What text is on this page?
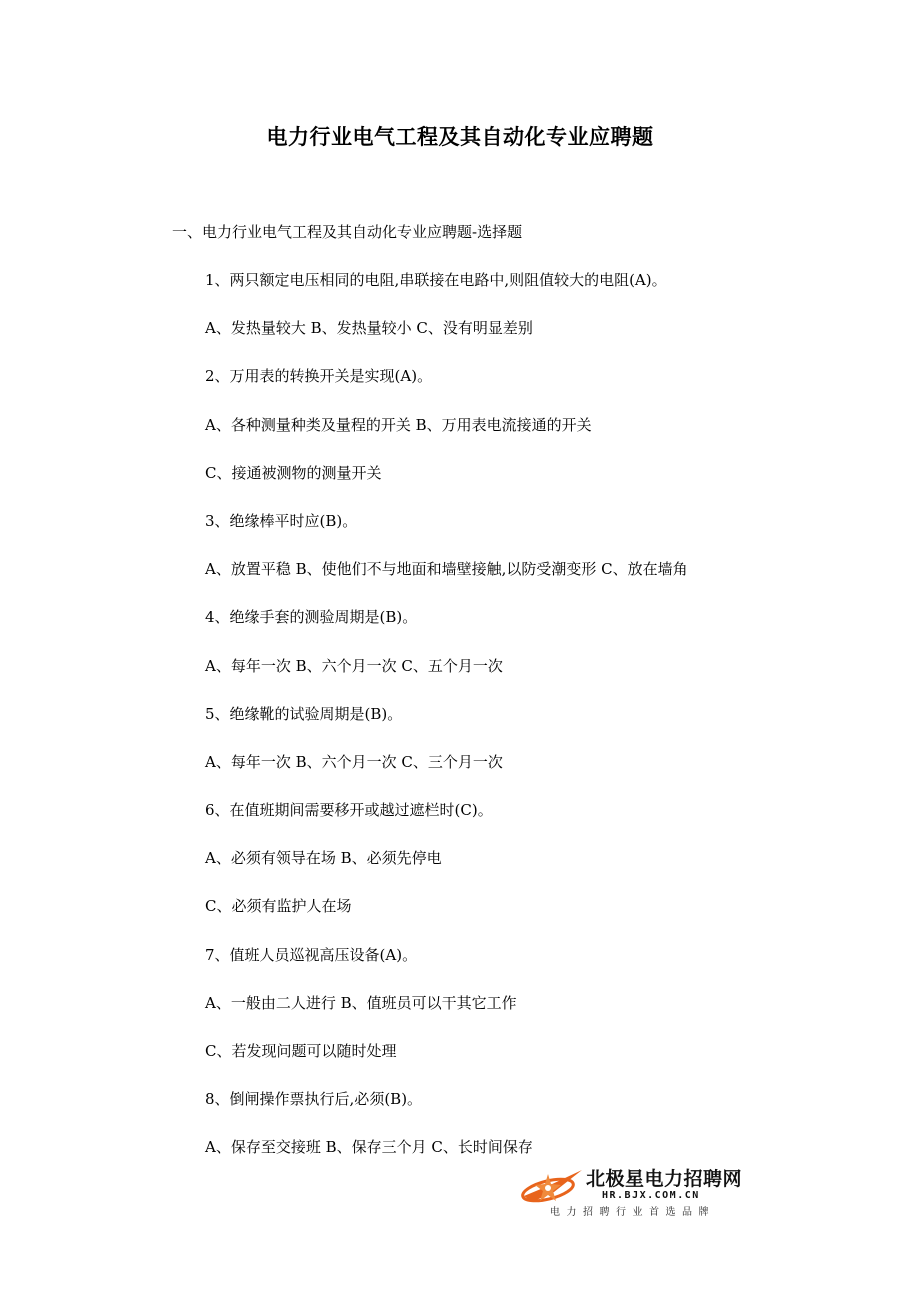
电力行业电气工程及其自动化专业应聘题

一、电力行业电气工程及其自动化专业应聘题-选择题

1、两只额定电压相同的电阻,串联接在电路中,则阻值较大的电阻(A)。
A、发热量较大 B、发热量较小 C、没有明显差别
2、万用表的转换开关是实现(A)。
A、各种测量种类及量程的开关 B、万用表电流接通的开关
C、接通被测物的测量开关
3、绝缘棒平时应(B)。
A、放置平稳 B、使他们不与地面和墙壁接触,以防受潮变形 C、放在墙角
4、绝缘手套的测验周期是(B)。
A、每年一次 B、六个月一次 C、五个月一次
5、绝缘靴的试验周期是(B)。
A、每年一次 B、六个月一次 C、三个月一次
6、在值班期间需要移开或越过遮栏时(C)。
A、必须有领导在场 B、必须先停电
C、必须有监护人在场
7、值班人员巡视高压设备(A)。
A、一般由二人进行 B、值班员可以干其它工作
C、若发现问题可以随时处理
8、倒闸操作票执行后,必须(B)。
A、保存至交接班 B、保存三个月 C、长时间保存
北极星电力招聘网
HR.BJX.COM.CN
电力招聘行业首选品牌
